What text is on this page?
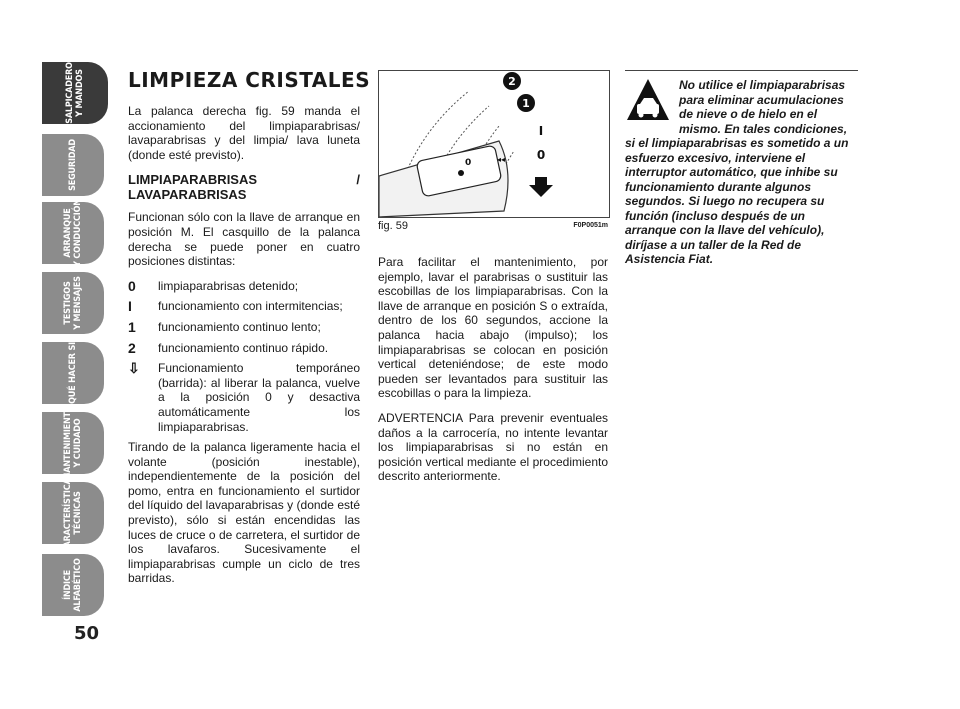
SALPICADERO
Y MANDOS
SEGURIDAD
ARRANQUE
Y CONDUCCIÓN
TESTIGOS
Y MENSAJES
QUÉ HACER SI
MANTENIMIENTO
Y CUIDADO
CARACTERÍSTICAS
TÉCNICAS
ÍNDICE
ALFABÉTICO
50
LIMPIEZA CRISTALES

La palanca derecha fig. 59 manda el accionamiento del limpiaparabrisas/ lavaparabrisas y del limpia/ lava luneta (donde esté previsto).

LIMPIAPARABRISAS / LAVAPARABRISAS

Funcionan sólo con la llave de arranque en posición M. El casquillo de la palanca derecha se puede poner en cuatro posiciones distintas:

0	limpiaparabrisas detenido;
I	funcionamiento con intermitencias;
1	funcionamiento continuo lento;
2	funcionamiento continuo rápido.
⇩	Funcionamiento temporáneo (barrida): al liberar la palanca, vuelve a la posición 0 y desactiva automáticamente los limpiaparabrisas.

Tirando de la palanca ligeramente hacia el volante (posición inestable), independientemente de la posición del pomo, entra en funcionamiento el surtidor del líquido del lavaparabrisas y (donde esté previsto), sólo si están encendidas las luces de cruce o de carretera, el surtidor de los lavafaros. Sucesivamente el limpiaparabrisas cumple un ciclo de tres barridas.

0	◂◂
1
2
I
0
fig. 59	F0P0051m

Para facilitar el mantenimiento, por ejemplo, lavar el parabrisas o sustituir las escobillas de los limpiaparabrisas. Con la llave de arranque en posición S o extraída, dentro de los 60 segundos, accione la palanca hacia abajo (impulso); los limpiaparabrisas se colocan en posición vertical deteniéndose; de este modo pueden ser levantados para sustituir las escobillas o para la limpieza.

ADVERTENCIA Para prevenir eventuales daños a la carrocería, no intente levantar los limpiaparabrisas si no están en posición vertical mediante el procedimiento descrito anteriormente.

No utilice el limpiaparabrisas para eliminar acumulaciones de nieve o de hielo en el mismo. En tales condiciones, si el limpiaparabrisas es sometido a un esfuerzo excesivo, interviene el interruptor automático, que inhibe su funcionamiento durante algunos segundos. Si luego no recupera su función (incluso después de un arranque con la llave del vehículo), diríjase a un taller de la Red de Asistencia Fiat.
